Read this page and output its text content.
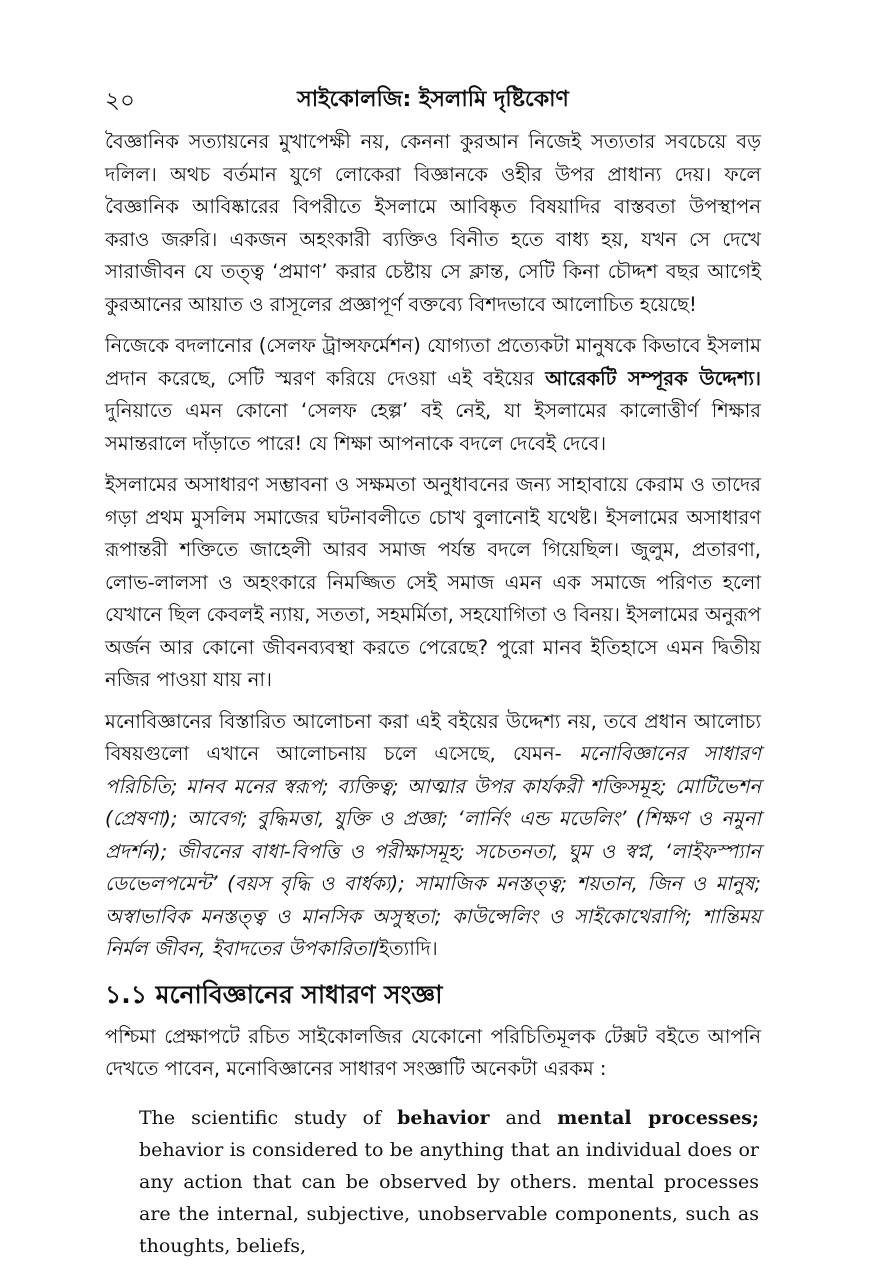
২০	সাইকোলজি: ইসলামি দৃষ্টিকোণ

বৈজ্ঞানিক সত্যায়নের মুখাপেক্ষী নয়, কেননা কুরআন নিজেই সত্যতার সবচেয়ে বড় দলিল। অথচ বর্তমান যুগে লোকেরা বিজ্ঞানকে ওহীর উপর প্রাধান্য দেয়। ফলে বৈজ্ঞানিক আবিষ্কারের বিপরীতে ইসলামে আবিষ্কৃত বিষয়াদির বাস্তবতা উপস্থাপন করাও জরুরি। একজন অহংকারী ব্যক্তিও বিনীত হতে বাধ্য হয়, যখন সে দেখে সারাজীবন যে তত্ত্ব ‘প্রমাণ’ করার চেষ্টায় সে ক্লান্ত, সেটি কিনা চৌদ্দশ বছর আগেই কুরআনের আয়াত ও রাসূলের প্রজ্ঞাপূর্ণ বক্তব্যে বিশদভাবে আলোচিত হয়েছে!

নিজেকে বদলানোর (সেলফ ট্রান্সফর্মেশন) যোগ্যতা প্রত্যেকটা মানুষকে কিভাবে ইসলাম প্রদান করেছে, সেটি স্মরণ করিয়ে দেওয়া এই বইয়ের আরেকটি সম্পূরক উদ্দেশ্য। দুনিয়াতে এমন কোনো ‘সেলফ হেল্প’ বই নেই, যা ইসলামের কালোত্তীর্ণ শিক্ষার সমান্তরালে দাঁড়াতে পারে! যে শিক্ষা আপনাকে বদলে দেবেই দেবে।

ইসলামের অসাধারণ সম্ভাবনা ও সক্ষমতা অনুধাবনের জন্য সাহাবায়ে কেরাম ও তাদের গড়া প্রথম মুসলিম সমাজের ঘটনাবলীতে চোখ বুলানোই যথেষ্ট। ইসলামের অসাধারণ রূপান্তরী শক্তিতে জাহেলী আরব সমাজ পর্যন্ত বদলে গিয়েছিল। জুলুম, প্রতারণা, লোভ-লালসা ও অহংকারে নিমজ্জিত সেই সমাজ এমন এক সমাজে পরিণত হলো যেখানে ছিল কেবলই ন্যায়, সততা, সহমর্মিতা, সহযোগিতা ও বিনয়। ইসলামের অনুরূপ অর্জন আর কোনো জীবনব্যবস্থা করতে পেরেছে? পুরো মানব ইতিহাসে এমন দ্বিতীয় নজির পাওয়া যায় না।

মনোবিজ্ঞানের বিস্তারিত আলোচনা করা এই বইয়ের উদ্দেশ্য নয়, তবে প্রধান আলোচ্য বিষয়গুলো এখানে আলোচনায় চলে এসেছে, যেমন- মনোবিজ্ঞানের সাধারণ পরিচিতি; মানব মনের স্বরূপ; ব্যক্তিত্ব; আত্মার উপর কার্যকরী শক্তিসমূহ; মোটিভেশন (প্রেষণা); আবেগ; বুদ্ধিমত্তা, যুক্তি ও প্রজ্ঞা; ‘লার্নিং এন্ড মডেলিং’ (শিক্ষণ ও নমুনা প্রদর্শন); জীবনের বাধা-বিপত্তি ও পরীক্ষাসমূহ; সচেতনতা, ঘুম ও স্বপ্ন, ‘লাইফস্প্যান ডেভেলপমেন্ট’ (বয়স বৃদ্ধি ও বার্ধক্য); সামাজিক মনস্তত্ত্ব; শয়তান, জিন ও মানুষ; অস্বাভাবিক মনস্তত্ত্ব ও মানসিক অসুস্থতা; কাউন্সেলিং ও সাইকোথেরাপি; শান্তিময় নির্মল জীবন, ইবাদতের উপকারিতা/ইত্যাদি।

১.১ মনোবিজ্ঞানের সাধারণ সংজ্ঞা

পশ্চিমা প্রেক্ষাপটে রচিত সাইকোলজির যেকোনো পরিচিতিমূলক টেক্সট বইতে আপনি দেখতে পাবেন, মনোবিজ্ঞানের সাধারণ সংজ্ঞাটি অনেকটা এরকম :

The scientific study of behavior and mental processes; behavior is considered to be anything that an individual does or any action that can be observed by others. mental processes are the internal, subjective, unobservable components, such as thoughts, beliefs,
